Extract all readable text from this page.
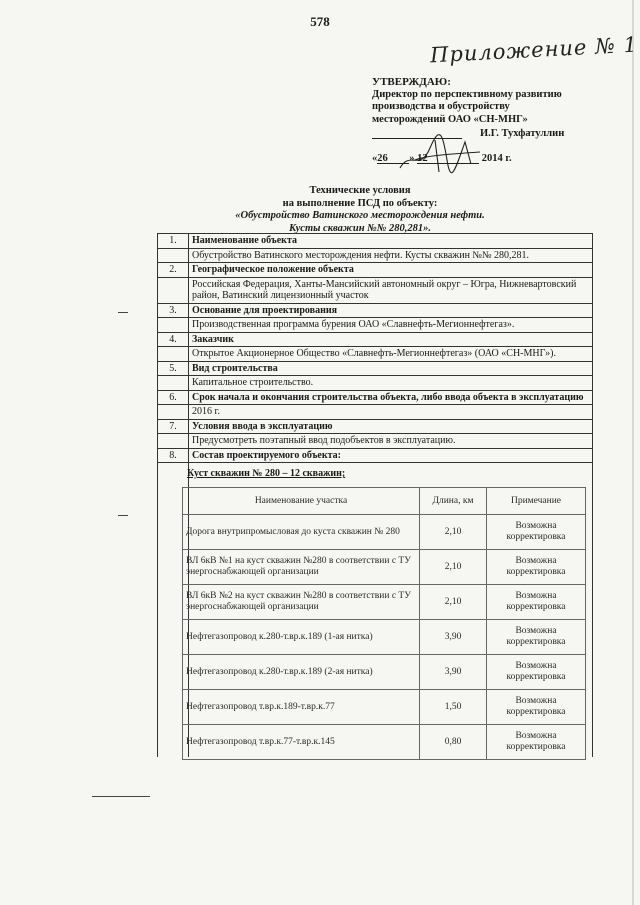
578
Приложение № 1
УТВЕРЖДАЮ:
Директор по перспективному развитию
производства и обустройству
месторождений ОАО «СН-МНГ»
И.Г. Тухфатуллин
«26 » 12	2014 г.
Технические условия
на выполнение ПСД по объекту:
«Обустройство Ватинского месторождения нефти.
Кусты скважин №№ 280,281».
1.	Наименование объекта
	Обустройство Ватинского месторождения нефти. Кусты скважин №№ 280,281.
2.	Географическое положение объекта
	Российская Федерация, Ханты-Мансийский автономный округ – Югра, Нижневартовский район, Ватинский лицензионный участок
3.	Основание для проектирования
	Производственная программа бурения ОАО «Славнефть-Мегионнефтегаз».
4.	Заказчик
	Открытое Акционерное Общество «Славнефть-Мегионнефтегаз» (ОАО «СН-МНГ»).
5.	Вид строительства
	Капитальное строительство.
6.	Срок начала и окончания строительства объекта, либо ввода объекта в эксплуатацию
	2016 г.
7.	Условия ввода в эксплуатацию
	Предусмотреть поэтапный ввод подобъектов в эксплуатацию.
8.	Состав проектируемого объекта:

Куст скважин № 280 – 12 скважин;
Наименование участка	Длина, км	Примечание
Дорога внутрипромысловая до куста скважин № 280	2,10	Возможна корректировка
ВЛ 6кВ №1 на куст скважин №280 в соответствии с ТУ энергоснабжающей организации	2,10	Возможна корректировка
ВЛ 6кВ №2 на куст скважин №280 в соответствии с ТУ энергоснабжающей организации	2,10	Возможна корректировка
Нефтегазопровод к.280-т.вр.к.189 (1-ая нитка)	3,90	Возможна корректировка
Нефтегазопровод к.280-т.вр.к.189 (2-ая нитка)	3,90	Возможна корректировка
Нефтегазопровод т.вр.к.189-т.вр.к.77	1,50	Возможна корректировка
Нефтегазопровод т.вр.к.77-т.вр.к.145	0,80	Возможна корректировка
